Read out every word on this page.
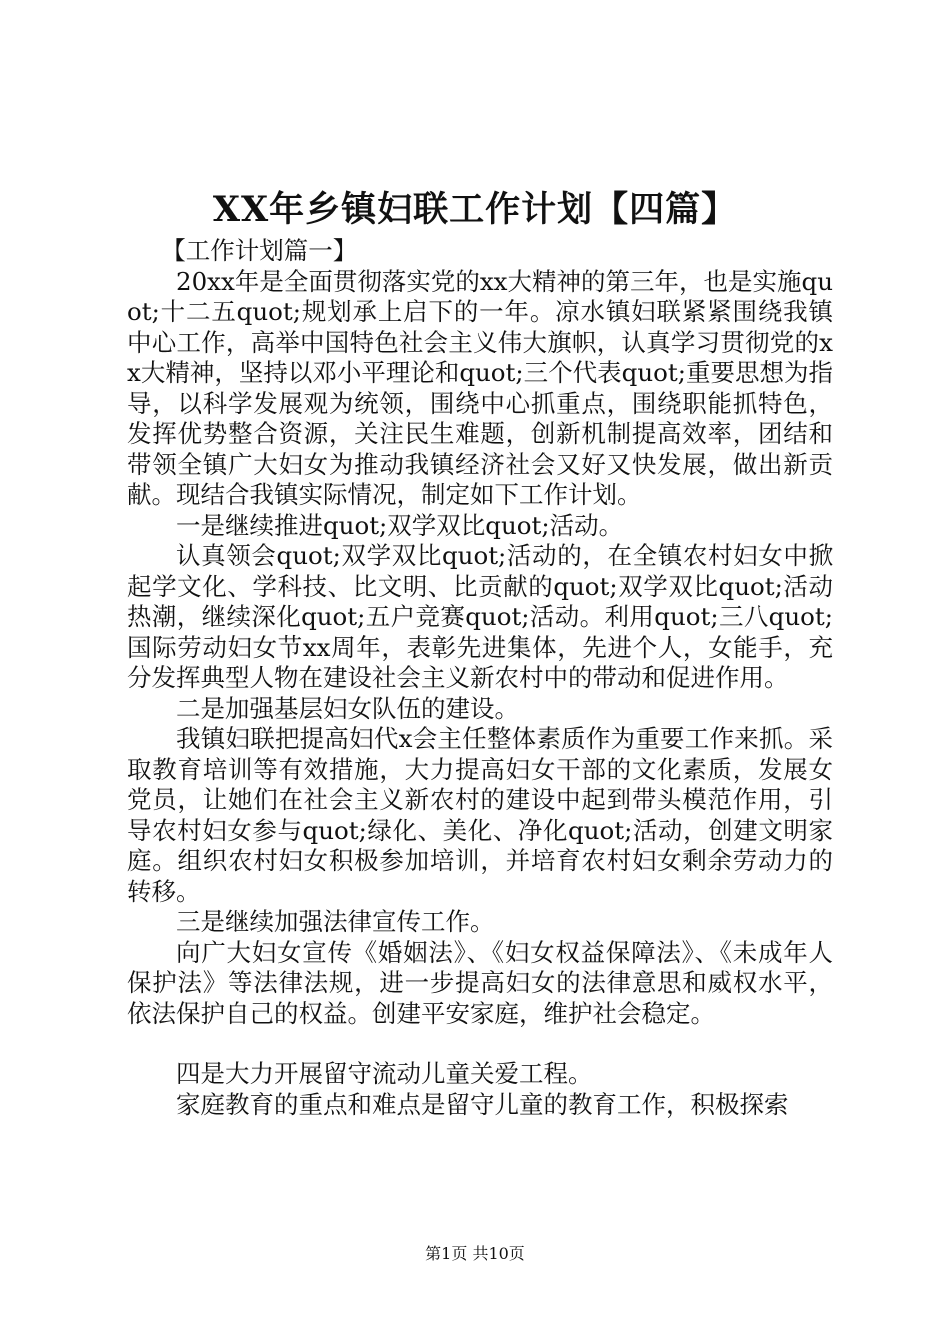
XX年乡镇妇联工作计划【四篇】

【工作计划篇一】

20xx年是全面贯彻落实党的xx大精神的第三年，也是实施quot;十二五quot;规划承上启下的一年。凉水镇妇联紧紧围绕我镇中心工作，高举中国特色社会主义伟大旗帜，认真学习贯彻党的xx大精神，坚持以邓小平理论和quot;三个代表quot;重要思想为指导，以科学发展观为统领，围绕中心抓重点，围绕职能抓特色，发挥优势整合资源，关注民生难题，创新机制提高效率，团结和带领全镇广大妇女为推动我镇经济社会又好又快发展，做出新贡献。现结合我镇实际情况，制定如下工作计划。

一是继续推进quot;双学双比quot;活动。

认真领会quot;双学双比quot;活动的，在全镇农村妇女中掀起学文化、学科技、比文明、比贡献的quot;双学双比quot;活动热潮，继续深化quot;五户竞赛quot;活动。利用quot;三八quot;国际劳动妇女节xx周年，表彰先进集体，先进个人，女能手，充分发挥典型人物在建设社会主义新农村中的带动和促进作用。

二是加强基层妇女队伍的建设。

我镇妇联把提高妇代x会主任整体素质作为重要工作来抓。采取教育培训等有效措施，大力提高妇女干部的文化素质，发展女党员，让她们在社会主义新农村的建设中起到带头模范作用，引导农村妇女参与quot;绿化、美化、净化quot;活动，创建文明家庭。组织农村妇女积极参加培训，并培育农村妇女剩余劳动力的转移。

三是继续加强法律宣传工作。

向广大妇女宣传《婚姻法》、《妇女权益保障法》、《未成年人保护法》等法律法规，进一步提高妇女的法律意思和威权水平，依法保护自己的权益。创建平安家庭，维护社会稳定。

四是大力开展留守流动儿童关爱工程。

家庭教育的重点和难点是留守儿童的教育工作，积极探索

第1页 共10页
